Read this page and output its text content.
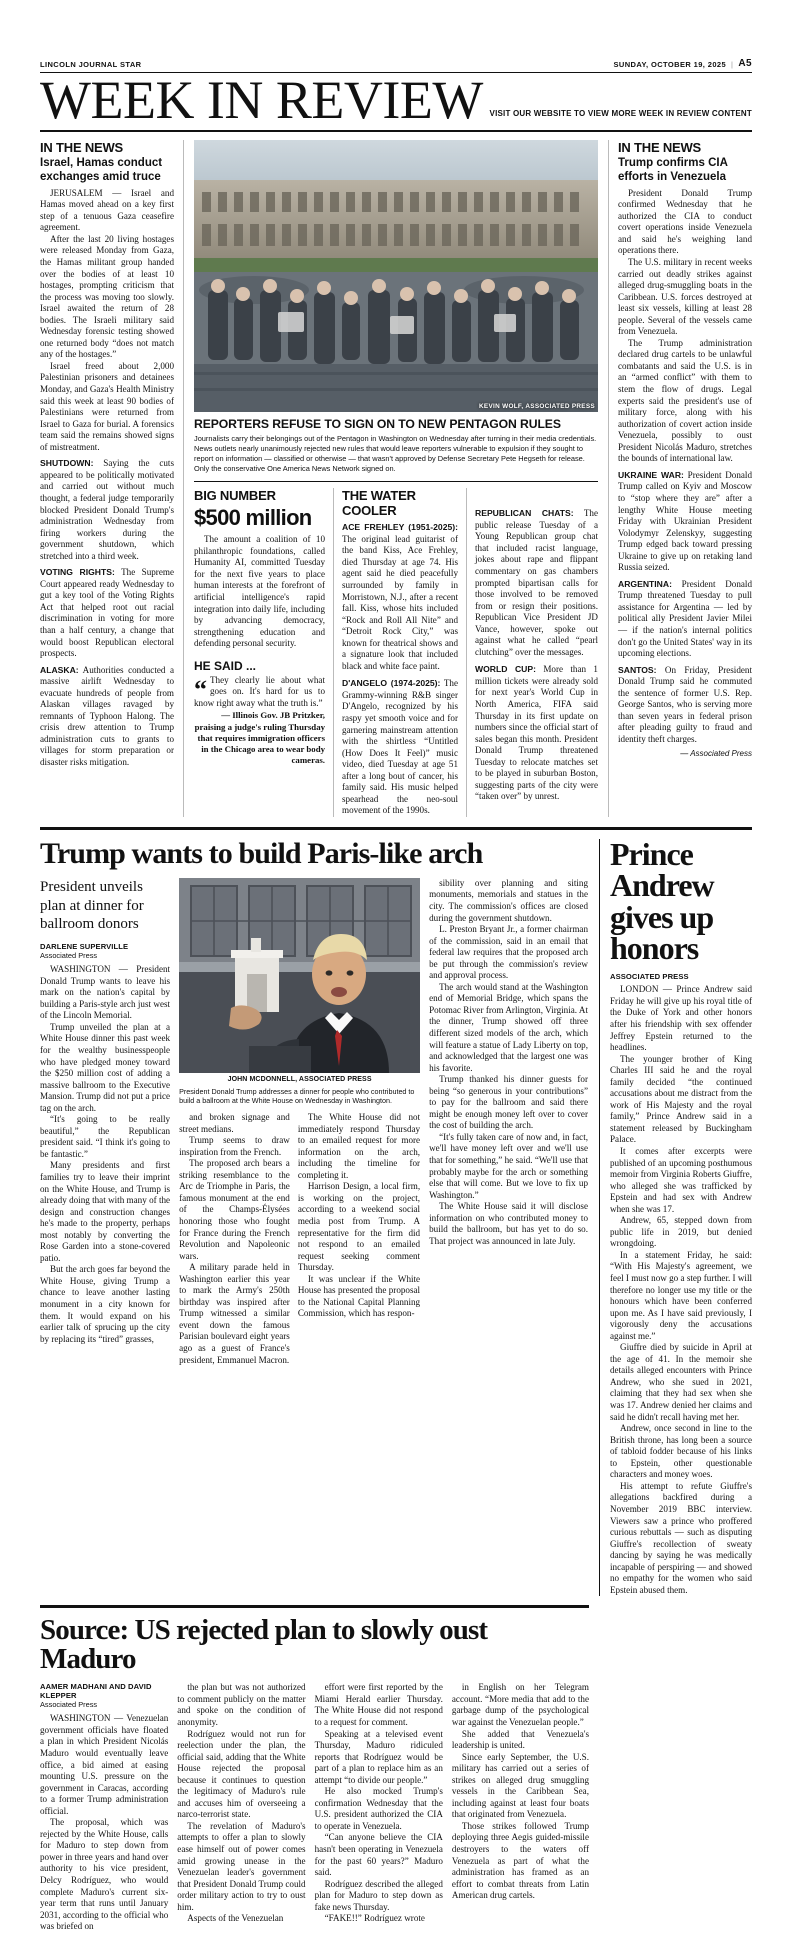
LINCOLN JOURNAL STAR	SUNDAY, OCTOBER 19, 2025 | A5
WEEK IN REVIEW VISIT OUR WEBSITE TO VIEW MORE WEEK IN REVIEW CONTENT
IN THE NEWS
Israel, Hamas conduct exchanges amid truce

JERUSALEM — Israel and Hamas moved ahead on a key first step of a tenuous Gaza ceasefire agreement.

After the last 20 living hostages were released Monday from Gaza, the Hamas militant group handed over the bodies of at least 10 hostages, prompting criticism that the process was moving too slowly. Israel awaited the return of 28 bodies. The Israeli military said Wednesday forensic testing showed one returned body “does not match any of the hostages.”

Israel freed about 2,000 Palestinian prisoners and detainees Monday, and Gaza's Health Ministry said this week at least 90 bodies of Palestinians were returned from Israel to Gaza for burial. A forensics team said the remains showed signs of mistreatment.

SHUTDOWN: Saying the cuts appeared to be politically motivated and carried out without much thought, a federal judge temporarily blocked President Donald Trump's administration Wednesday from firing workers during the government shutdown, which stretched into a third week.

VOTING RIGHTS: The Supreme Court appeared ready Wednesday to gut a key tool of the Voting Rights Act that helped root out racial discrimination in voting for more than a half century, a change that would boost Republican electoral prospects.

ALASKA: Authorities conducted a massive airlift Wednesday to evacuate hundreds of people from Alaskan villages ravaged by remnants of Typhoon Halong. The crisis drew attention to Trump administration cuts to grants to villages for storm preparation or disaster risks mitigation.

KEVIN WOLF, ASSOCIATED PRESS
REPORTERS REFUSE TO SIGN ON TO NEW PENTAGON RULES

Journalists carry their belongings out of the Pentagon in Washington on Wednesday after turning in their media credentials. News outlets nearly unanimously rejected new rules that would leave reporters vulnerable to expulsion if they sought to report on information — classified or otherwise — that wasn't approved by Defense Secretary Pete Hegseth for release. Only the conservative One America News Network signed on.

BIG NUMBER
$500 million

The amount a coalition of 10 philanthropic foundations, called Humanity AI, committed Tuesday for the next five years to place human interests at the forefront of artificial intelligence's rapid integration into daily life, including by advancing democracy, strengthening education and defending personal security.

HE SAID ...

“ They clearly lie about what goes on. It's hard for us to know right away what the truth is.”

— Illinois Gov. JB Pritzker, praising a judge's ruling Thursday that requires immigration officers in the Chicago area to wear body cameras.

THE WATER COOLER

ACE FREHLEY (1951-2025): The original lead guitarist of the band Kiss, Ace Frehley, died Thursday at age 74. His agent said he died peacefully surrounded by family in Morristown, N.J., after a recent fall. Kiss, whose hits included “Rock and Roll All Nite” and “Detroit Rock City,” was known for theatrical shows and a signature look that included black and white face paint.

D'ANGELO (1974-2025): The Grammy-winning R&B singer D'Angelo, recognized by his raspy yet smooth voice and for garnering mainstream attention with the shirtless “Untitled (How Does It Feel)” music video, died Tuesday at age 51 after a long bout of cancer, his family said. His music helped spearhead the neo-soul movement of the 1990s.

REPUBLICAN CHATS: The public release Tuesday of a Young Republican group chat that included racist language, jokes about rape and flippant commentary on gas chambers prompted bipartisan calls for those involved to be removed from or resign their positions. Republican Vice President JD Vance, however, spoke out against what he called “pearl clutching” over the messages.

WORLD CUP: More than 1 million tickets were already sold for next year's World Cup in North America, FIFA said Thursday in its first update on numbers since the official start of sales began this month. President Donald Trump threatened Tuesday to relocate matches set to be played in suburban Boston, suggesting parts of the city were “taken over” by unrest.

IN THE NEWS
Trump confirms CIA efforts in Venezuela

President Donald Trump confirmed Wednesday that he authorized the CIA to conduct covert operations inside Venezuela and said he's weighing land operations there.

The U.S. military in recent weeks carried out deadly strikes against alleged drug-smuggling boats in the Caribbean. U.S. forces destroyed at least six vessels, killing at least 28 people. Several of the vessels came from Venezuela.

The Trump administration declared drug cartels to be unlawful combatants and said the U.S. is in an “armed conflict” with them to stem the flow of drugs. Legal experts said the president's use of military force, along with his authorization of covert action inside Venezuela, possibly to oust President Nicolás Maduro, stretches the bounds of international law.

UKRAINE WAR: President Donald Trump called on Kyiv and Moscow to “stop where they are” after a lengthy White House meeting Friday with Ukrainian President Volodymyr Zelenskyy, suggesting Trump edged back toward pressing Ukraine to give up on retaking land Russia seized.

ARGENTINA: President Donald Trump threatened Tuesday to pull assistance for Argentina — led by political ally President Javier Milei — if the nation's internal politics don't go the United States' way in its upcoming elections.

SANTOS: On Friday, President Donald Trump said he commuted the sentence of former U.S. Rep. George Santos, who is serving more than seven years in federal prison after pleading guilty to fraud and identity theft charges.

— Associated Press

Trump wants to build Paris-like arch
President unveils plan at dinner for ballroom donors

DARLENE SUPERVILLE

Associated Press

WASHINGTON — President Donald Trump wants to leave his mark on the nation's capital by building a Paris-style arch just west of the Lincoln Memorial.

Trump unveiled the plan at a White House dinner this past week for the wealthy businesspeople who have pledged money toward the $250 million cost of adding a massive ballroom to the Executive Mansion. Trump did not put a price tag on the arch.

“It's going to be really beautiful,” the Republican president said. “I think it's going to be fantastic.”

Many presidents and first families try to leave their imprint on the White House, and Trump is already doing that with many of the design and construction changes he's made to the property, perhaps most notably by converting the Rose Garden into a stone-covered patio.

But the arch goes far beyond the White House, giving Trump a chance to leave another lasting monument in a city known for them. It would expand on his earlier talk of sprucing up the city by replacing its “tired” grasses,

JOHN MCDONNELL, ASSOCIATED PRESS

President Donald Trump addresses a dinner for people who contributed to build a ballroom at the White House on Wednesday in Washington.

and broken signage and street medians.

Trump seems to draw inspiration from the French.

The proposed arch bears a striking resemblance to the Arc de Triomphe in Paris, the famous monument at the end of the Champs-Élysées honoring those who fought for France during the French Revolution and Napoleonic wars.

A military parade held in Washington earlier this year to mark the Army's 250th birthday was inspired after Trump witnessed a similar event down the famous Parisian boulevard eight years ago as a guest of France's president, Emmanuel Macron.

The White House did not immediately respond Thursday to an emailed request for more information on the arch, including the timeline for completing it.

Harrison Design, a local firm, is working on the project, according to a weekend social media post from Trump. A representative for the firm did not respond to an emailed request seeking comment Thursday.

It was unclear if the White House has presented the proposal to the National Capital Planning Commission, which has respon-

sibility over planning and siting monuments, memorials and statues in the city. The commission's offices are closed during the government shutdown.

L. Preston Bryant Jr., a former chairman of the commission, said in an email that federal law requires that the proposed arch be put through the commission's review and approval process.

The arch would stand at the Washington end of Memorial Bridge, which spans the Potomac River from Arlington, Virginia. At the dinner, Trump showed off three different sized models of the arch, which will feature a statue of Lady Liberty on top, and acknowledged that the largest one was his favorite.

Trump thanked his dinner guests for being “so generous in your contributions” to pay for the ballroom and said there might be enough money left over to cover the cost of building the arch.

“It's fully taken care of now and, in fact, we'll have money left over and we'll use that for something,” he said. “We'll use that probably maybe for the arch or something else that will come. But we love to fix up Washington.”

The White House said it will disclose information on who contributed money to build the ballroom, but has yet to do so. That project was announced in late July.

Prince Andrew gives up honors

ASSOCIATED PRESS

LONDON — Prince Andrew said Friday he will give up his royal title of the Duke of York and other honors after his friendship with sex offender Jeffrey Epstein returned to the headlines.

The younger brother of King Charles III said he and the royal family decided “the continued accusations about me distract from the work of His Majesty and the royal family,” Prince Andrew said in a statement released by Buckingham Palace.

It comes after excerpts were published of an upcoming posthumous memoir from Virginia Roberts Giuffre, who alleged she was trafficked by Epstein and had sex with Andrew when she was 17.

Andrew, 65, stepped down from public life in 2019, but denied wrongdoing.

In a statement Friday, he said: “With His Majesty's agreement, we feel I must now go a step further. I will therefore no longer use my title or the honours which have been conferred upon me. As I have said previously, I vigorously deny the accusations against me.”

Giuffre died by suicide in April at the age of 41. In the memoir she details alleged encounters with Prince Andrew, who she sued in 2021, claiming that they had sex when she was 17. Andrew denied her claims and said he didn't recall having met her.

Andrew, once second in line to the British throne, has long been a source of tabloid fodder because of his links to Epstein, other questionable characters and money woes.

His attempt to refute Giuffre's allegations backfired during a November 2019 BBC interview. Viewers saw a prince who proffered curious rebuttals — such as disputing Giuffre's recollection of sweaty dancing by saying he was medically incapable of perspiring — and showed no empathy for the women who said Epstein abused them.

Source: US rejected plan to slowly oust Maduro

AAMER MADHANI AND DAVID KLEPPER

Associated Press

WASHINGTON — Venezuelan government officials have floated a plan in which President Nicolás Maduro would eventually leave office, a bid aimed at easing mounting U.S. pressure on the government in Caracas, according to a former Trump administration official.

The proposal, which was rejected by the White House, calls for Maduro to step down from power in three years and hand over authority to his vice president, Delcy Rodríguez, who would complete Maduro's current six-year term that runs until January 2031, according to the official who was briefed on

the plan but was not authorized to comment publicly on the matter and spoke on the condition of anonymity.

Rodríguez would not run for reelection under the plan, the official said, adding that the White House rejected the proposal because it continues to question the legitimacy of Maduro's rule and accuses him of overseeing a narco-terrorist state.

The revelation of Maduro's attempts to offer a plan to slowly ease himself out of power comes amid growing unease in the Venezuelan leader's government that President Donald Trump could order military action to try to oust him.

Aspects of the Venezuelan

effort were first reported by the Miami Herald earlier Thursday. The White House did not respond to a request for comment.

Speaking at a televised event Thursday, Maduro ridiculed reports that Rodríguez would be part of a plan to replace him as an attempt “to divide our people.”

He also mocked Trump's confirmation Wednesday that the U.S. president authorized the CIA to operate in Venezuela.

“Can anyone believe the CIA hasn't been operating in Venezuela for the past 60 years?” Maduro said.

Rodríguez described the alleged plan for Maduro to step down as fake news Thursday.

“FAKE!!” Rodríguez wrote

in English on her Telegram account. “More media that add to the garbage dump of the psychological war against the Venezuelan people.”

She added that Venezuela's leadership is united.

Since early September, the U.S. military has carried out a series of strikes on alleged drug smuggling vessels in the Caribbean Sea, including against at least four boats that originated from Venezuela.

Those strikes followed Trump deploying three Aegis guided-missile destroyers to the waters off Venezuela as part of what the administration has framed as an effort to combat threats from Latin American drug cartels.
